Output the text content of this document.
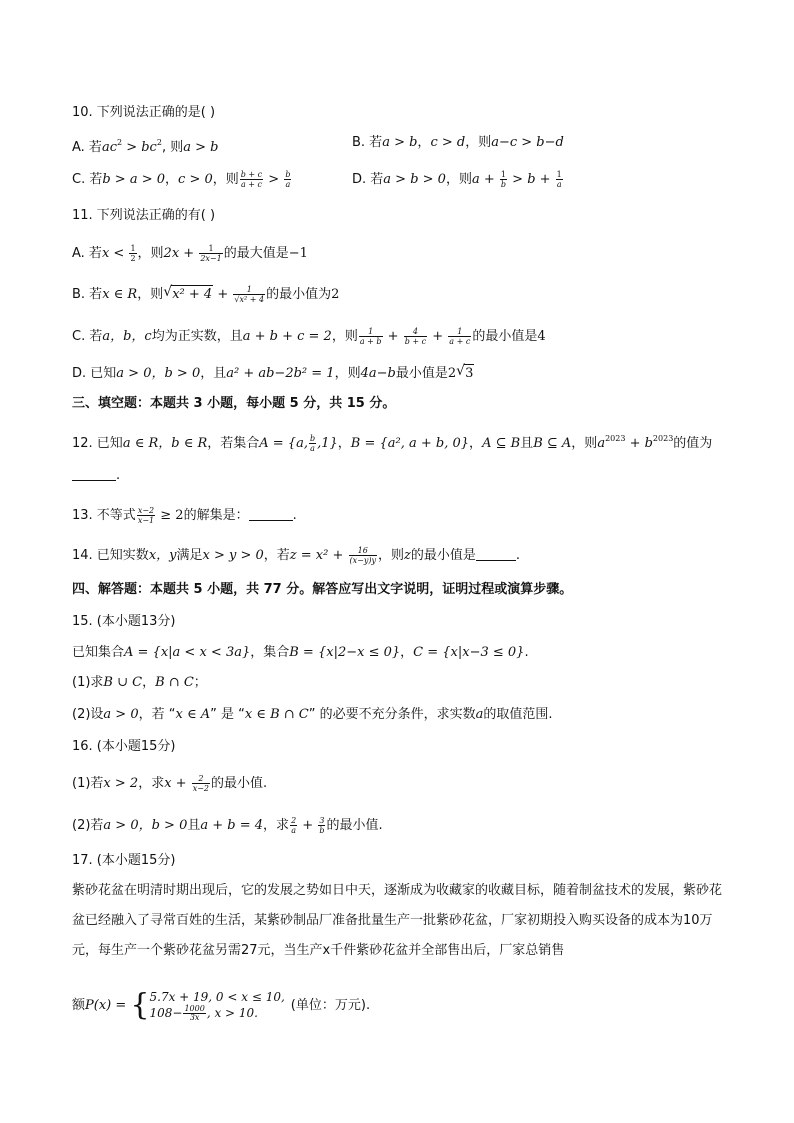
10. 下列说法正确的是( )
A. 若$ac^2 > bc^2$, 则a > b	B. 若a > b，c > d，则a−c > b−d
C. 若b > a > 0，c > 0，则 $\frac{b + c}{a + c} > \frac{b}{a}$	D. 若a > b > 0，则$a + \frac{1}{b} > b + \frac{1}{a}$
11. 下列说法正确的有( )
A. 若$x < \frac{1}{2}$ ，则$2x + \frac{1}{2x-1}$ 的最大值是−1
B. 若x ∈ R，则 √ $x^2 + 4 + \frac{1}{\text{√x² + 4}}$ 的最小值为2
C. 若a，b，c均为正实数，且a + b + c = 2，则 $\frac{1}{a + b} + \frac{4}{b + c} + \frac{1}{a + c}$ 的最小值是4
D. 已知a > 0，b > 0，且a² + ab−2b² = 1，则4a−b最小值是2 √ 3
三、填空题：本题共 3 小题，每小题 5 分，共 15 分。
12. 已知a ∈ R，b ∈ R，若集合A = {a, $\frac{b}{a} ,1$}，B = {a², a + b, 0}，A ⊆ B且B ⊆ A，则$a^{2023} + b^{2023}$的值为
.
13. 不等式 $\frac{x-2}{x-1} \ge 2$的解集是：	.
14. 已知实数x，y满足x > y > 0，若$z = x^2 + \frac{16}{(x-y)y}$ ，则z的最小值是	.
四、解答题：本题共 5 小题，共 77 分。解答应写出文字说明，证明过程或演算步骤。
15. (本小题13分)
已知集合A = {x|a < x < 3a}，集合B = {x|2−x ≤ 0}，C = {x|x−3 ≤ 0}.
(1)求B ∪ C，B ∩ C；
(2)设a > 0，若 “x ∈ A” 是 “x ∈ B ∩ C” 的必要不充分条件，求实数a的取值范围.
16. (本小题15分)
(1)若x > 2，求$x + \frac{2}{x-2}$ 的最小值.
(2)若a > 0，b > 0且a + b = 4，求 $\frac{2}{a} + \frac{3}{b}$ 的最小值.
17. (本小题15分)
紫砂花盆在明清时期出现后，它的发展之势如日中天，逐渐成为收藏家的收藏目标，随着制盆技术的发展，紫砂花盆已经融入了寻常百姓的生活，某紫砂制品厂准备批量生产一批紫砂花盆，厂家初期投入购买设备的成本为10万元，每生产一个紫砂花盆另需27元，当生产x千件紫砂花盆并全部售出后，厂家总销售
额P(x) = { 5.7x + 19, 0 < x ≤ 10,
$108- \frac{1000}{3x}$ , x > 10.	(单位：万元).
